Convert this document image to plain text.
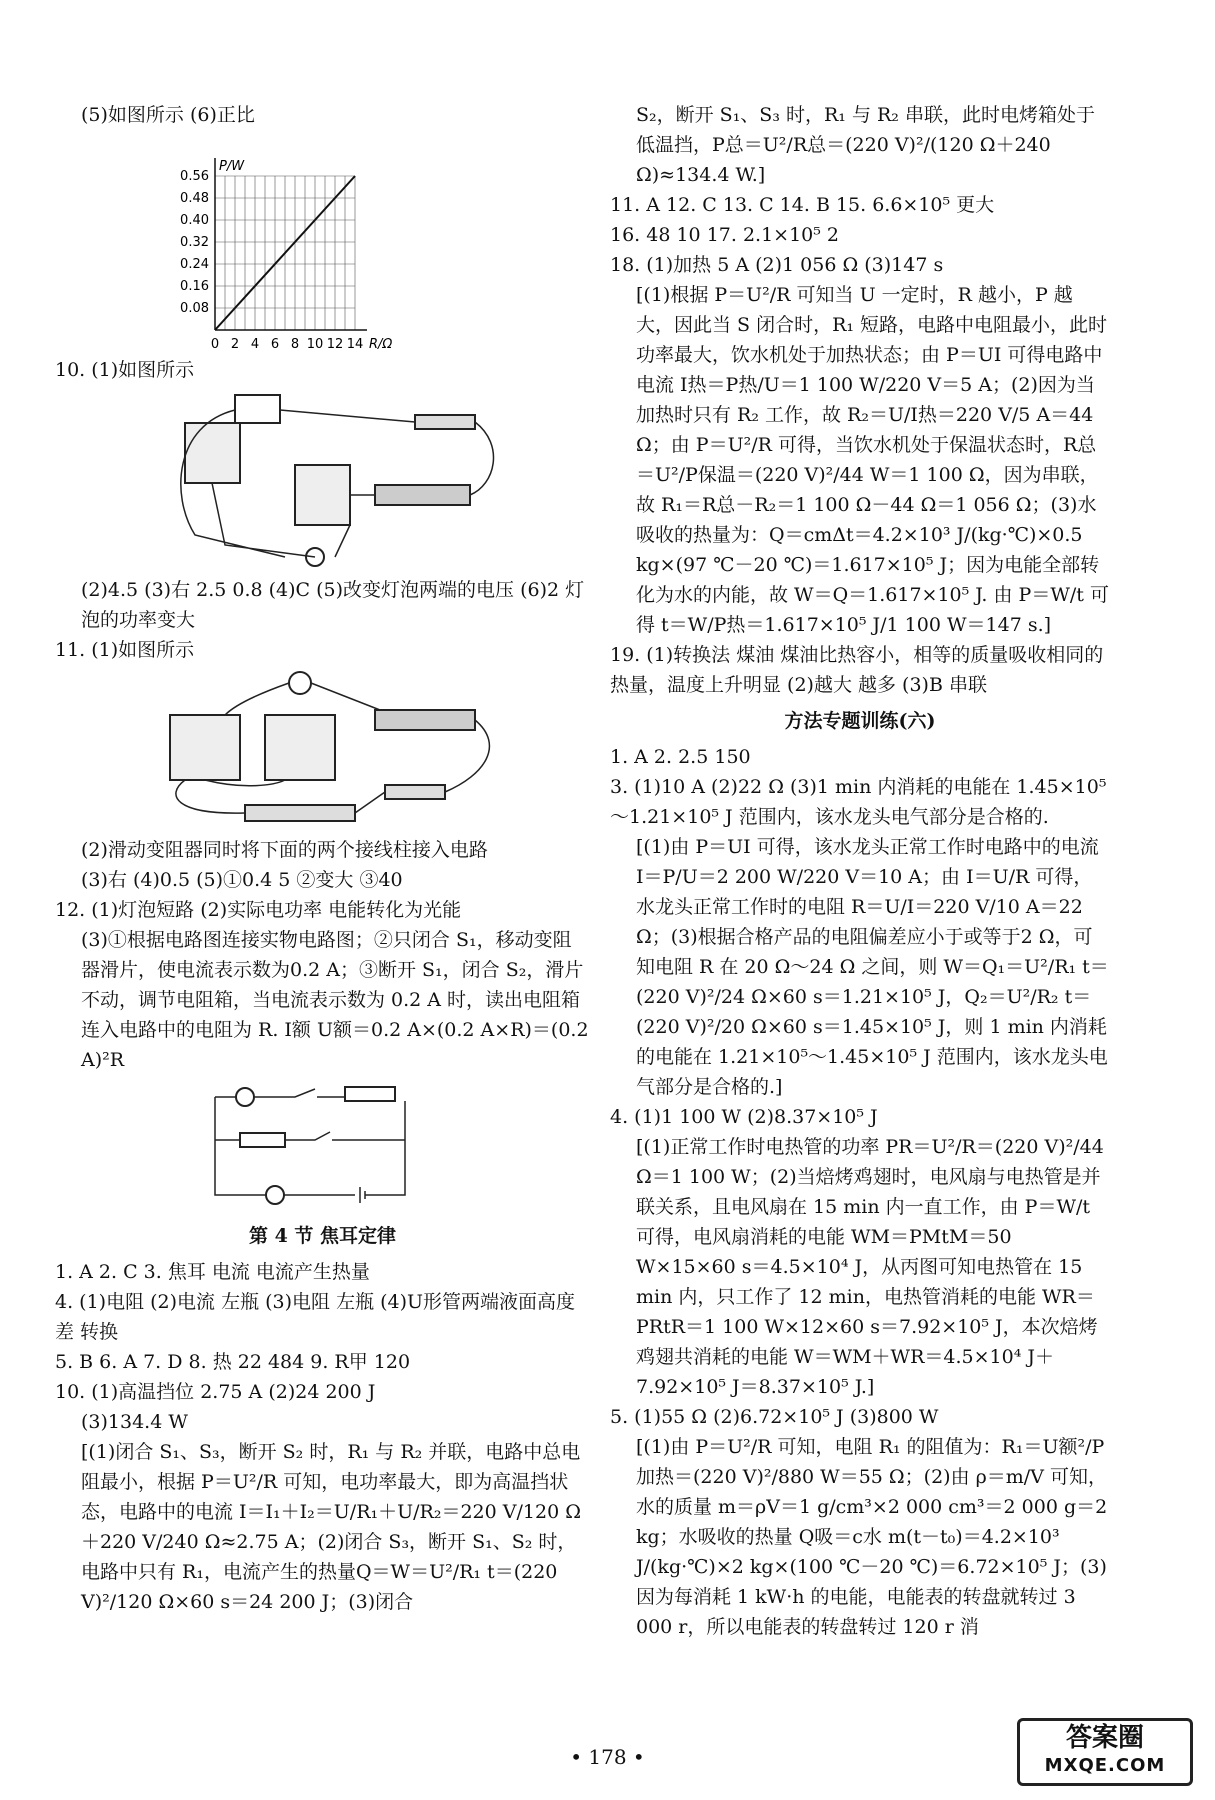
(5)如图所示 (6)正比

0 2 4 6 8 10 12 14
0.08
0.16
0.24
0.32
0.40
0.48
0.56
R/Ω
P/W

10. (1)如图所示

(2)4.5 (3)右 2.5 0.8 (4)C (5)改变灯泡两端的电压 (6)2 灯泡的功率变大

11. (1)如图所示

(2)滑动变阻器同时将下面的两个接线柱接入电路

(3)右 (4)0.5 (5)①0.4 5 ②变大 ③40

12. (1)灯泡短路 (2)实际电功率 电能转化为光能

(3)①根据电路图连接实物电路图；②只闭合 S₁，移动变阻器滑片，使电流表示数为0.2 A；③断开 S₁，闭合 S₂，滑片不动，调节电阻箱，当电流表示数为 0.2 A 时，读出电阻箱连入电路中的电阻为 R. I额 U额＝0.2 A×(0.2 A×R)＝(0.2 A)²R

第 4 节 焦耳定律

1. A 2. C 3. 焦耳 电流 电流产生热量

4. (1)电阻 (2)电流 左瓶 (3)电阻 左瓶 (4)U形管两端液面高度差 转换

5. B 6. A 7. D 8. 热 22 484 9. R甲 120

10. (1)高温挡位 2.75 A (2)24 200 J

(3)134.4 W

[(1)闭合 S₁、S₃，断开 S₂ 时，R₁ 与 R₂ 并联，电路中总电阻最小，根据 P＝U²/R 可知，电功率最大，即为高温挡状态，电路中的电流 I＝I₁＋I₂＝U/R₁＋U/R₂＝220 V/120 Ω＋220 V/240 Ω≈2.75 A；(2)闭合 S₃，断开 S₁、S₂ 时，电路中只有 R₁，电流产生的热量Q＝W＝U²/R₁ t＝(220 V)²/120 Ω×60 s＝24 200 J；(3)闭合

S₂，断开 S₁、S₃ 时，R₁ 与 R₂ 串联，此时电烤箱处于低温挡，P总＝U²/R总＝(220 V)²/(120 Ω＋240 Ω)≈134.4 W.]

11. A 12. C 13. C 14. B 15. 6.6×10⁵ 更大

16. 48 10 17. 2.1×10⁵ 2

18. (1)加热 5 A (2)1 056 Ω (3)147 s

[(1)根据 P＝U²/R 可知当 U 一定时，R 越小，P 越大，因此当 S 闭合时，R₁ 短路，电路中电阻最小，此时功率最大，饮水机处于加热状态；由 P＝UI 可得电路中电流 I热＝P热/U＝1 100 W/220 V＝5 A；(2)因为当加热时只有 R₂ 工作，故 R₂＝U/I热＝220 V/5 A＝44 Ω；由 P＝U²/R 可得，当饮水机处于保温状态时，R总＝U²/P保温＝(220 V)²/44 W＝1 100 Ω，因为串联，故 R₁＝R总－R₂＝1 100 Ω－44 Ω＝1 056 Ω；(3)水吸收的热量为：Q＝cmΔt＝4.2×10³ J/(kg·℃)×0.5 kg×(97 ℃－20 ℃)＝1.617×10⁵ J；因为电能全部转化为水的内能，故 W＝Q＝1.617×10⁵ J. 由 P＝W/t 可得 t＝W/P热＝1.617×10⁵ J/1 100 W＝147 s.]

19. (1)转换法 煤油 煤油比热容小，相等的质量吸收相同的热量，温度上升明显 (2)越大 越多 (3)B 串联

方法专题训练(六)

1. A 2. 2.5 150

3. (1)10 A (2)22 Ω (3)1 min 内消耗的电能在 1.45×10⁵～1.21×10⁵ J 范围内，该水龙头电气部分是合格的.

[(1)由 P＝UI 可得，该水龙头正常工作时电路中的电流 I＝P/U＝2 200 W/220 V＝10 A；由 I＝U/R 可得，水龙头正常工作时的电阻 R＝U/I＝220 V/10 A＝22 Ω；(3)根据合格产品的电阻偏差应小于或等于2 Ω，可知电阻 R 在 20 Ω～24 Ω 之间，则 W＝Q₁＝U²/R₁ t＝(220 V)²/24 Ω×60 s＝1.21×10⁵ J，Q₂＝U²/R₂ t＝(220 V)²/20 Ω×60 s＝1.45×10⁵ J，则 1 min 内消耗的电能在 1.21×10⁵～1.45×10⁵ J 范围内，该水龙头电气部分是合格的.]

4. (1)1 100 W (2)8.37×10⁵ J

[(1)正常工作时电热管的功率 PR＝U²/R＝(220 V)²/44 Ω＝1 100 W；(2)当焙烤鸡翅时，电风扇与电热管是并联关系，且电风扇在 15 min 内一直工作，由 P＝W/t 可得，电风扇消耗的电能 WM＝PMtM＝50 W×15×60 s＝4.5×10⁴ J，从丙图可知电热管在 15 min 内，只工作了 12 min，电热管消耗的电能 WR＝PRtR＝1 100 W×12×60 s＝7.92×10⁵ J，本次焙烤鸡翅共消耗的电能 W＝WM＋WR＝4.5×10⁴ J＋7.92×10⁵ J＝8.37×10⁵ J.]

5. (1)55 Ω (2)6.72×10⁵ J (3)800 W

[(1)由 P＝U²/R 可知，电阻 R₁ 的阻值为：R₁＝U额²/P加热＝(220 V)²/880 W＝55 Ω；(2)由 ρ＝m/V 可知，水的质量 m＝ρV＝1 g/cm³×2 000 cm³＝2 000 g＝2 kg；水吸收的热量 Q吸＝c水 m(t－t₀)＝4.2×10³ J/(kg·℃)×2 kg×(100 ℃－20 ℃)＝6.72×10⁵ J；(3)因为每消耗 1 kW·h 的电能，电能表的转盘就转过 3 000 r，所以电能表的转盘转过 120 r 消

• 178 •
答案圈
MXQE.COM
